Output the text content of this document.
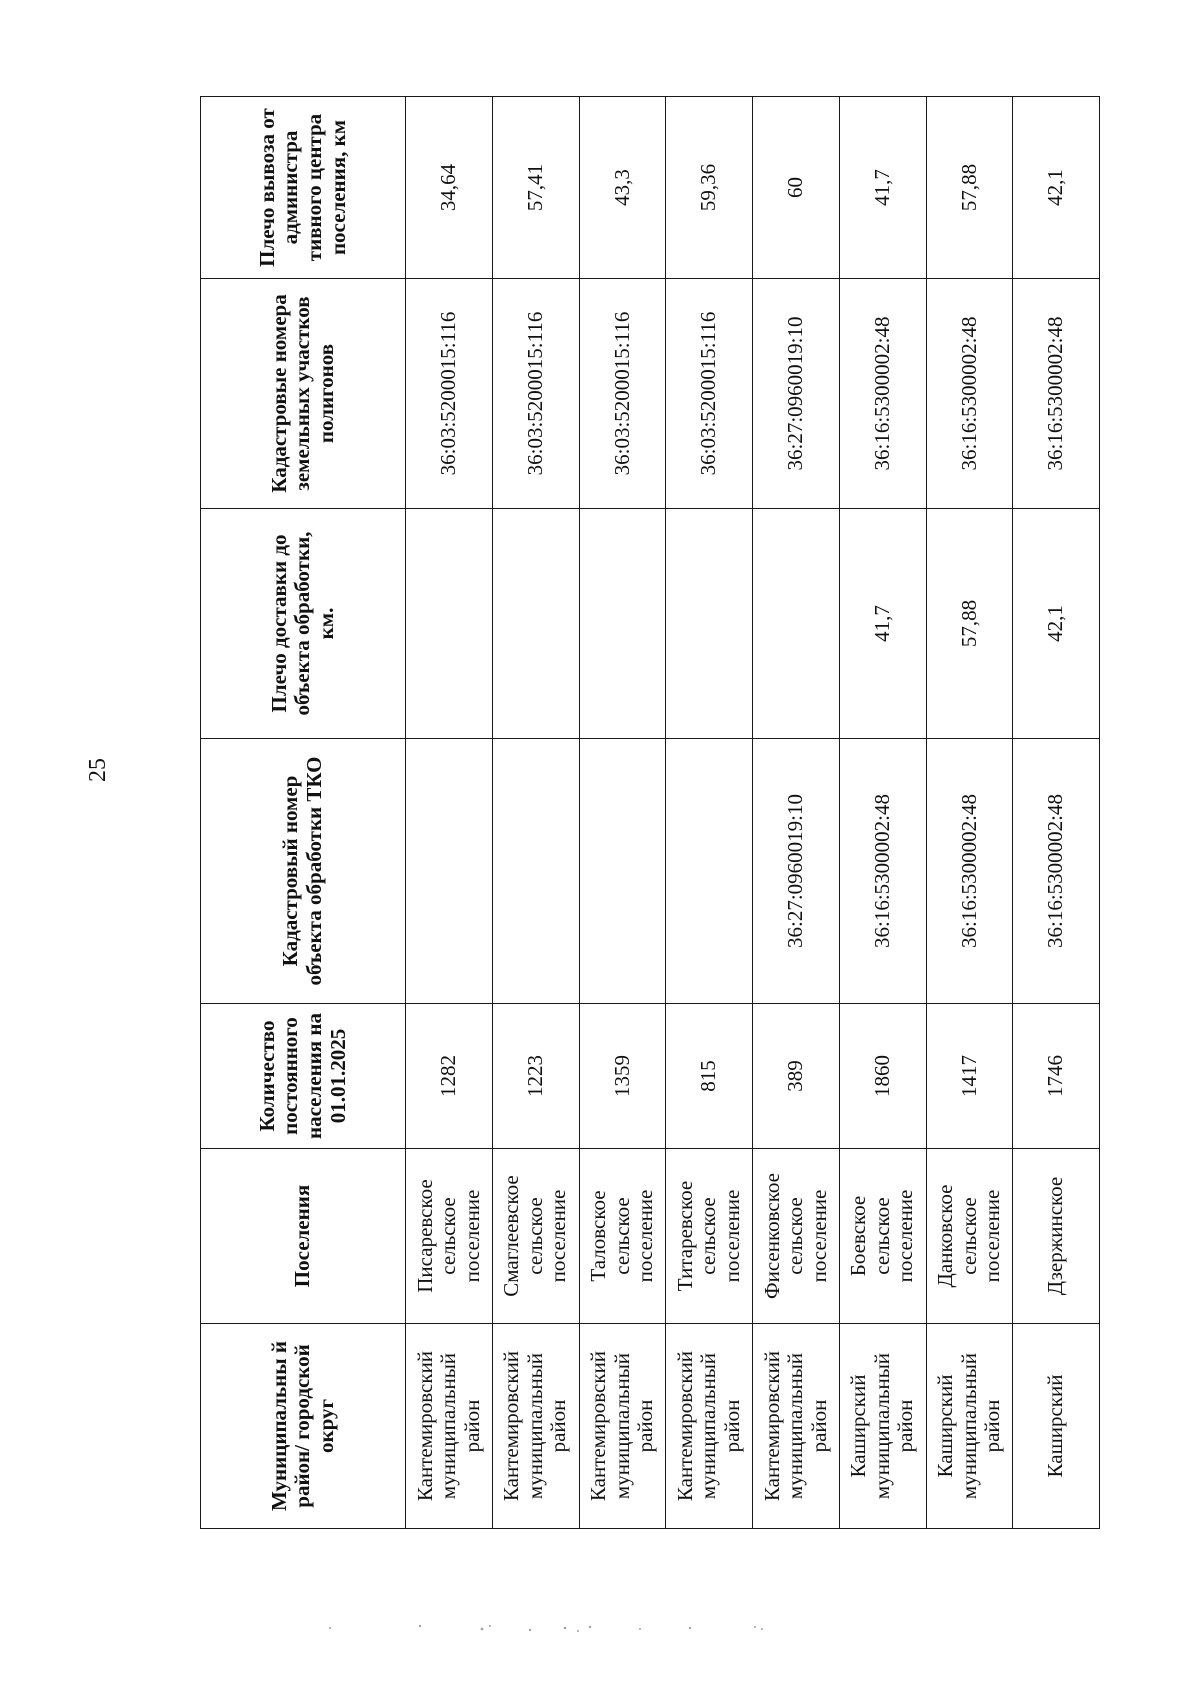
25
Муниципальны й район/ городской округ	Поселения	Количество постоянного населения на 01.01.2025	Кадастровый номер объекта обработки ТКО	Плечо доставки до объекта обработки, км.	Кадастровые номера земельных участков полигонов	Плечо вывоза от администра тивного центра поселения, км
Кантемировский муниципальный район	Писаревское сельское поселение	1282			36:03:5200015:116	34,64
Кантемировский муниципальный район	Смаглеевское сельское поселение	1223			36:03:5200015:116	57,41
Кантемировский муниципальный район	Таловское сельское поселение	1359			36:03:5200015:116	43,3
Кантемировский муниципальный район	Титаревское сельское поселение	815			36:03:5200015:116	59,36
Кантемировский муниципальный район	Фисенковское сельское поселение	389	36:27:0960019:10		36:27:0960019:10	60
Каширский муниципальный район	Боевское сельское поселение	1860	36:16:5300002:48	41,7	36:16:5300002:48	41,7
Каширский муниципальный район	Данковское сельское поселение	1417	36:16:5300002:48	57,88	36:16:5300002:48	57,88
Каширский	Дзержинское	1746	36:16:5300002:48	42,1	36:16:5300002:48	42,1
